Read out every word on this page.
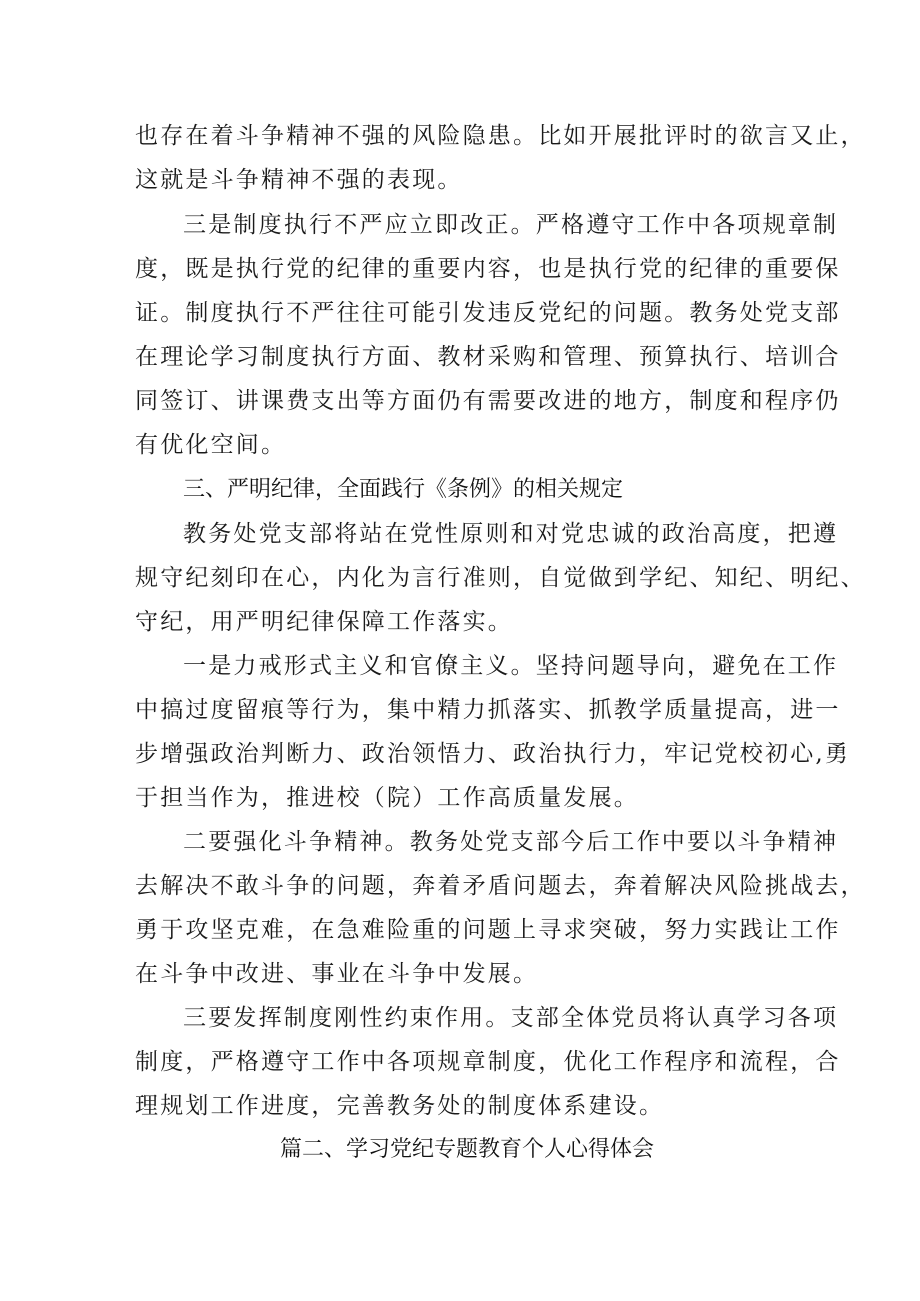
也存在着斗争精神不强的风险隐患。比如开展批评时的欲言又止，
这就是斗争精神不强的表现。
三是制度执行不严应立即改正。严格遵守工作中各项规章制
度，既是执行党的纪律的重要内容，也是执行党的纪律的重要保
证。制度执行不严往往可能引发违反党纪的问题。教务处党支部
在理论学习制度执行方面、教材采购和管理、预算执行、培训合
同签订、讲课费支出等方面仍有需要改进的地方，制度和程序仍
有优化空间。
三、严明纪律，全面践行《条例》的相关规定
教务处党支部将站在党性原则和对党忠诚的政治高度，把遵
规守纪刻印在心，内化为言行准则，自觉做到学纪、知纪、明纪、
守纪，用严明纪律保障工作落实。
一是力戒形式主义和官僚主义。坚持问题导向，避免在工作
中搞过度留痕等行为，集中精力抓落实、抓教学质量提高，进一
步增强政治判断力、政治领悟力、政治执行力，牢记党校初心,勇
于担当作为，推进校（院）工作高质量发展。
二要强化斗争精神。教务处党支部今后工作中要以斗争精神
去解决不敢斗争的问题，奔着矛盾问题去，奔着解决风险挑战去，
勇于攻坚克难，在急难险重的问题上寻求突破，努力实践让工作
在斗争中改进、事业在斗争中发展。
三要发挥制度刚性约束作用。支部全体党员将认真学习各项
制度，严格遵守工作中各项规章制度，优化工作程序和流程，合
理规划工作进度，完善教务处的制度体系建设。
篇二、学习党纪专题教育个人心得体会
